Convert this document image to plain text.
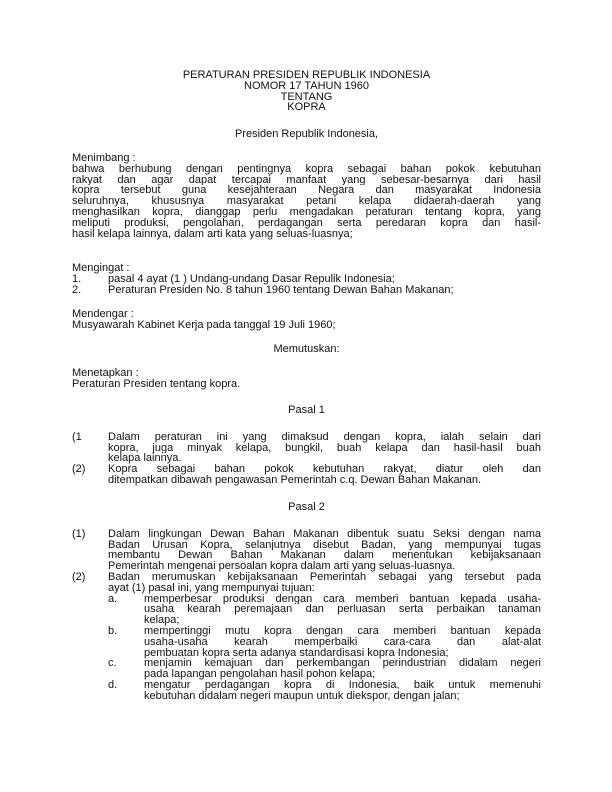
PERATURAN PRESIDEN REPUBLIK INDONESIA
NOMOR 17 TAHUN 1960
TENTANG
KOPRA
Presiden Republik Indonesia,
Menimbang :
bahwa berhubung dengan pentingnya kopra sebagai bahan pokok kebutuhan
rakyat dan agar dapat tercapai manfaat yang sebesar-besarnya dari hasil
kopra tersebut guna kesejahteraan Negara dan masyarakat Indonesia
seluruhnya, khususnya masyarakat petani kelapa didaerah-daerah yang
menghasilkan kopra, dianggap perlu mengadakan peraturan tentang kopra, yang
meliputi produksi, pengolahan, perdagangan serta peredaran kopra dan hasil-
hasil kelapa lainnya, dalam arti kata yang seluas-luasnya;
Mengingat :
1. pasal 4 ayat (1 ) Undang-undang Dasar Repulik Indonesia;
2. Peraturan Presiden No. 8 tahun 1960 tentang Dewan Bahan Makanan;
Mendengar :
Musyawarah Kabinet Kerja pada tanggal 19 Juli 1960;
Memutuskan:
Menetapkan :
Peraturan Presiden tentang kopra.
Pasal 1
(1 Dalam peraturan ini yang dimaksud dengan kopra, ialah selain dari
kopra, juga minyak kelapa, bungkil, buah kelapa dan hasil-hasil buah
kelapa lainnya.
(2) Kopra sebagai bahan pokok kebutuhan rakyat, diatur oleh dan
ditempatkan dibawah pengawasan Pemerintah c.q. Dewan Bahan Makanan.
Pasal 2
(1) Dalam lingkungan Dewan Bahan Makanan dibentuk suatu Seksi dengan nama
Badan Urusan Kopra, selanjutnya disebut Badan, yang mempunyai tugas
membantu Dewan Bahan Makanan dalam menentukan kebijaksanaan
Pemerintah mengenai persoalan kopra dalam arti yang seluas-luasnya.
(2) Badan merumuskan kebijaksanaan Pemerintah sebagai yang tersebut pada
ayat (1) pasal ini, yang mempunyai tujuan:
a. memperbesar produksi dengan cara memberi bantuan kepada usaha-
usaha kearah peremajaan dan perluasan serta perbaikan tanaman
kelapa;
b. mempertinggi mutu kopra dengan cara memberi bantuan kepada
usaha-usaha kearah memperbaiki cara-cara dan alat-alat
pembuatan kopra serta adanya standardisasi kopra Indonesia;
c. menjamin kemajuan dan perkembangan perindustrian didalam negeri
pada lapangan pengolahan hasil pohon kelapa;
d. mengatur perdagangan kopra di Indonesia, baik untuk memenuhi
kebutuhan didalam negeri maupun untuk diekspor, dengan jalan;
